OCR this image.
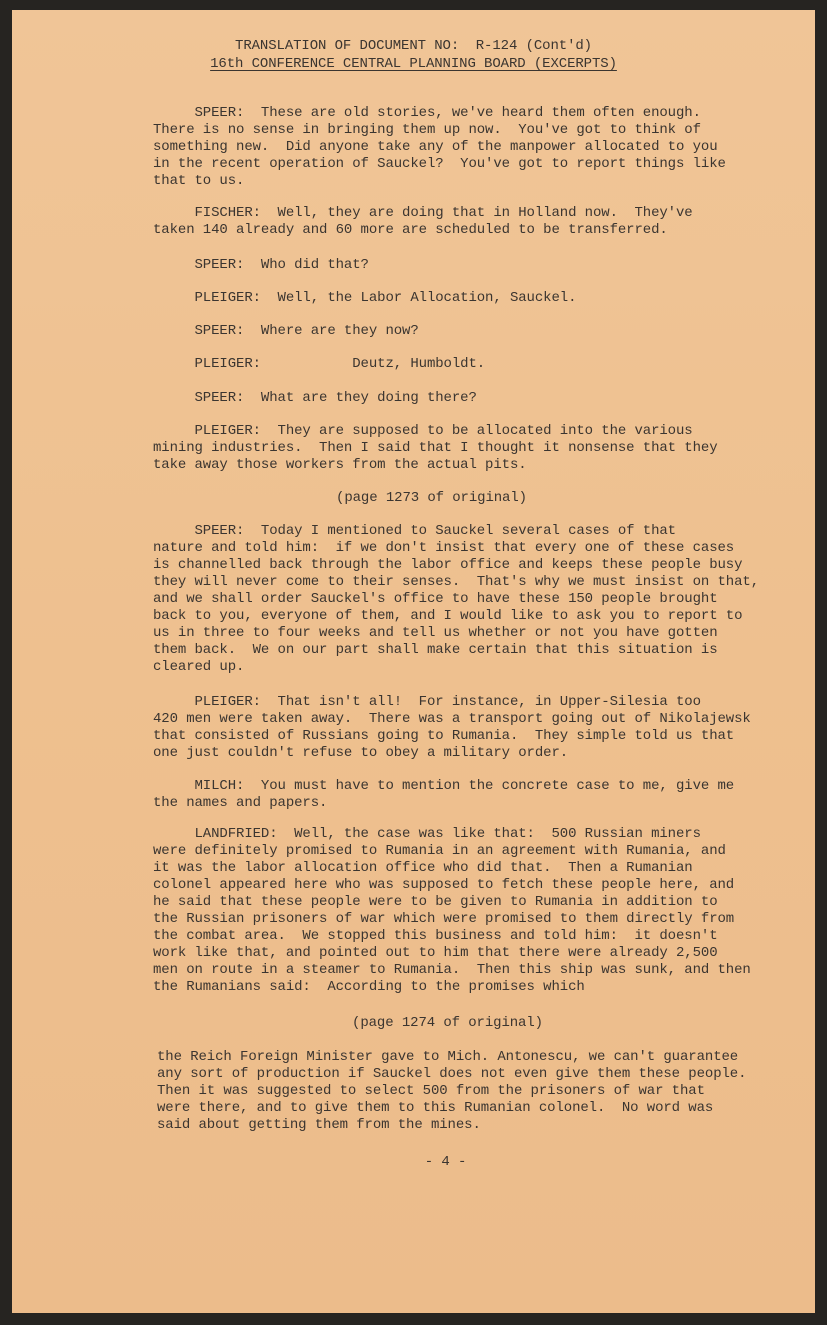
TRANSLATION OF DOCUMENT NO:  R-124 (Cont'd)
16th CONFERENCE CENTRAL PLANNING BOARD (EXCERPTS)
SPEER:  These are old stories, we've heard them often enough.
There is no sense in bringing them up now.  You've got to think of
something new.  Did anyone take any of the manpower allocated to you
in the recent operation of Sauckel?  You've got to report things like
that to us.
FISCHER:  Well, they are doing that in Holland now.  They've
taken 140 already and 60 more are scheduled to be transferred.
SPEER:  Who did that?
PLEIGER:  Well, the Labor Allocation, Sauckel.
SPEER:  Where are they now?
PLEIGER:           Deutz, Humboldt.
SPEER:  What are they doing there?
PLEIGER:  They are supposed to be allocated into the various
mining industries.  Then I said that I thought it nonsense that they
take away those workers from the actual pits.
(page 1273 of original)
SPEER:  Today I mentioned to Sauckel several cases of that
nature and told him:  if we don't insist that every one of these cases
is channelled back through the labor office and keeps these people busy
they will never come to their senses.  That's why we must insist on that,
and we shall order Sauckel's office to have these 150 people brought
back to you, everyone of them, and I would like to ask you to report to
us in three to four weeks and tell us whether or not you have gotten
them back.  We on our part shall make certain that this situation is
cleared up.
PLEIGER:  That isn't all!  For instance, in Upper-Silesia too
420 men were taken away.  There was a transport going out of Nikolajewsk
that consisted of Russians going to Rumania.  They simple told us that
one just couldn't refuse to obey a military order.
MILCH:  You must have to mention the concrete case to me, give me
the names and papers.
LANDFRIED:  Well, the case was like that:  500 Russian miners
were definitely promised to Rumania in an agreement with Rumania, and
it was the labor allocation office who did that.  Then a Rumanian
colonel appeared here who was supposed to fetch these people here, and
he said that these people were to be given to Rumania in addition to
the Russian prisoners of war which were promised to them directly from
the combat area.  We stopped this business and told him:  it doesn't
work like that, and pointed out to him that there were already 2,500
men on route in a steamer to Rumania.  Then this ship was sunk, and then
the Rumanians said:  According to the promises which
(page 1274 of original)
the Reich Foreign Minister gave to Mich. Antonescu, we can't guarantee
any sort of production if Sauckel does not even give them these people.
Then it was suggested to select 500 from the prisoners of war that
were there, and to give them to this Rumanian colonel.  No word was
said about getting them from the mines.
- 4 -
